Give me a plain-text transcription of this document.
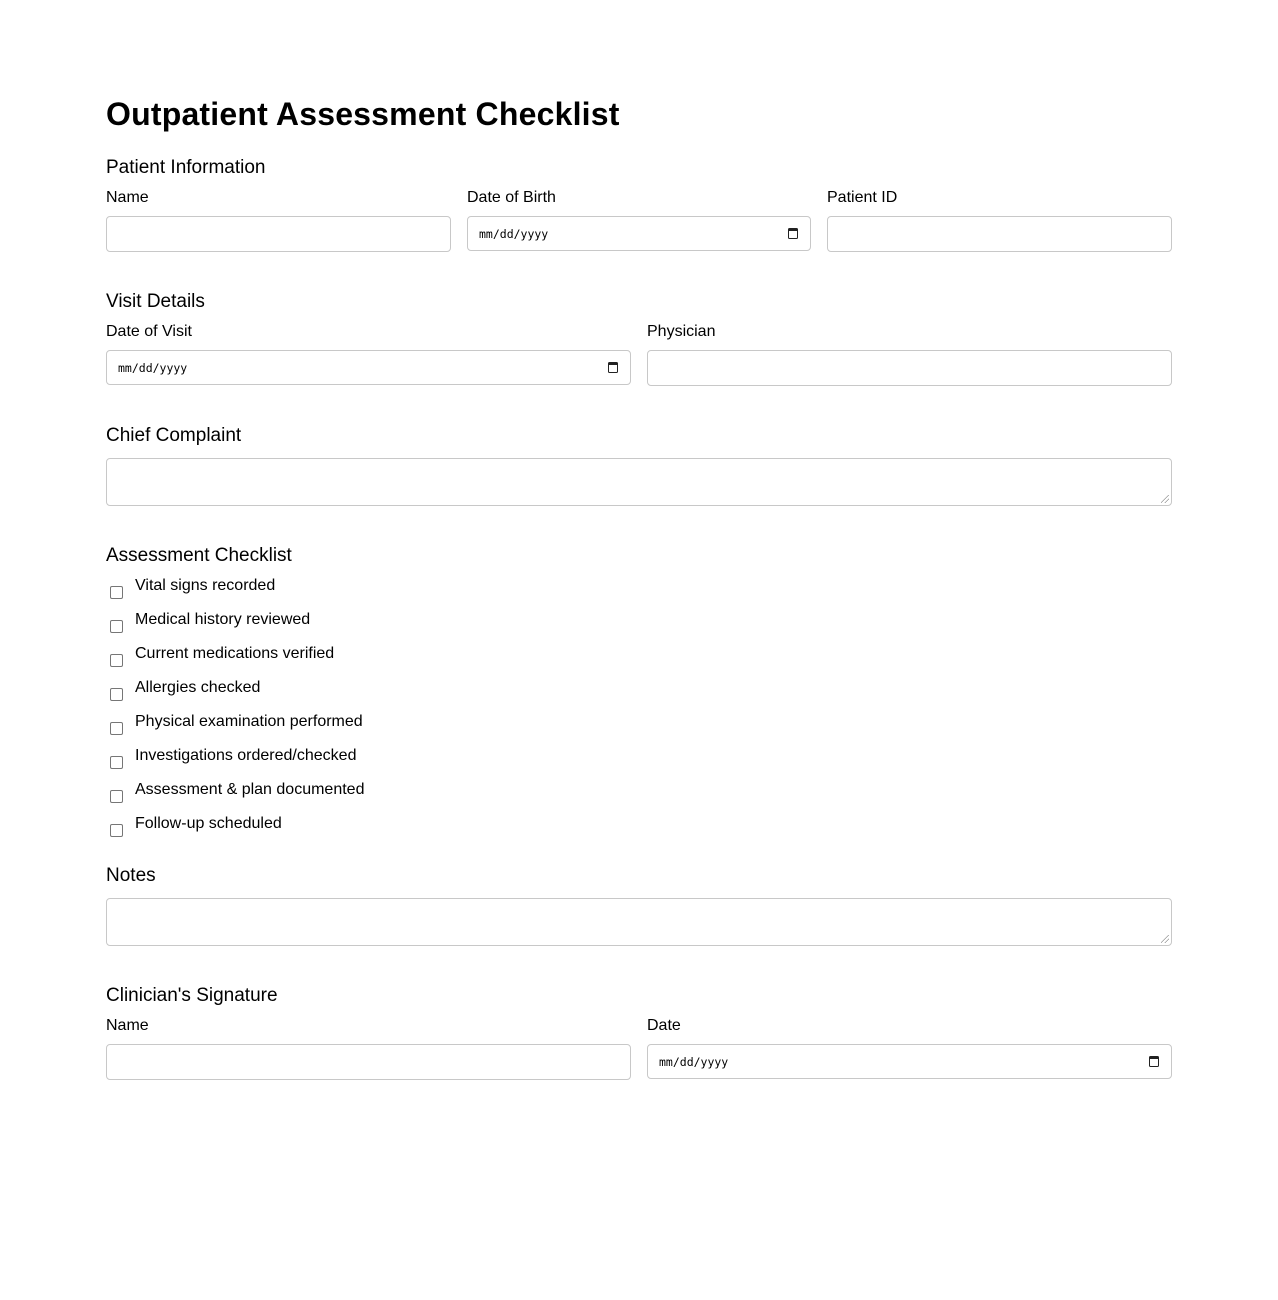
Outpatient Assessment Checklist
Patient Information
Name	Date of Birth
mm/dd/yyyy
Patient ID
Visit Details
Date of Visit
mm/dd/yyyy
Physician
Chief Complaint
Assessment Checklist
Vital signs recorded
Medical history reviewed
Current medications verified
Allergies checked
Physical examination performed
Investigations ordered/checked
Assessment & plan documented
Follow-up scheduled
Notes
Clinician's Signature
Name	Date
mm/dd/yyyy
